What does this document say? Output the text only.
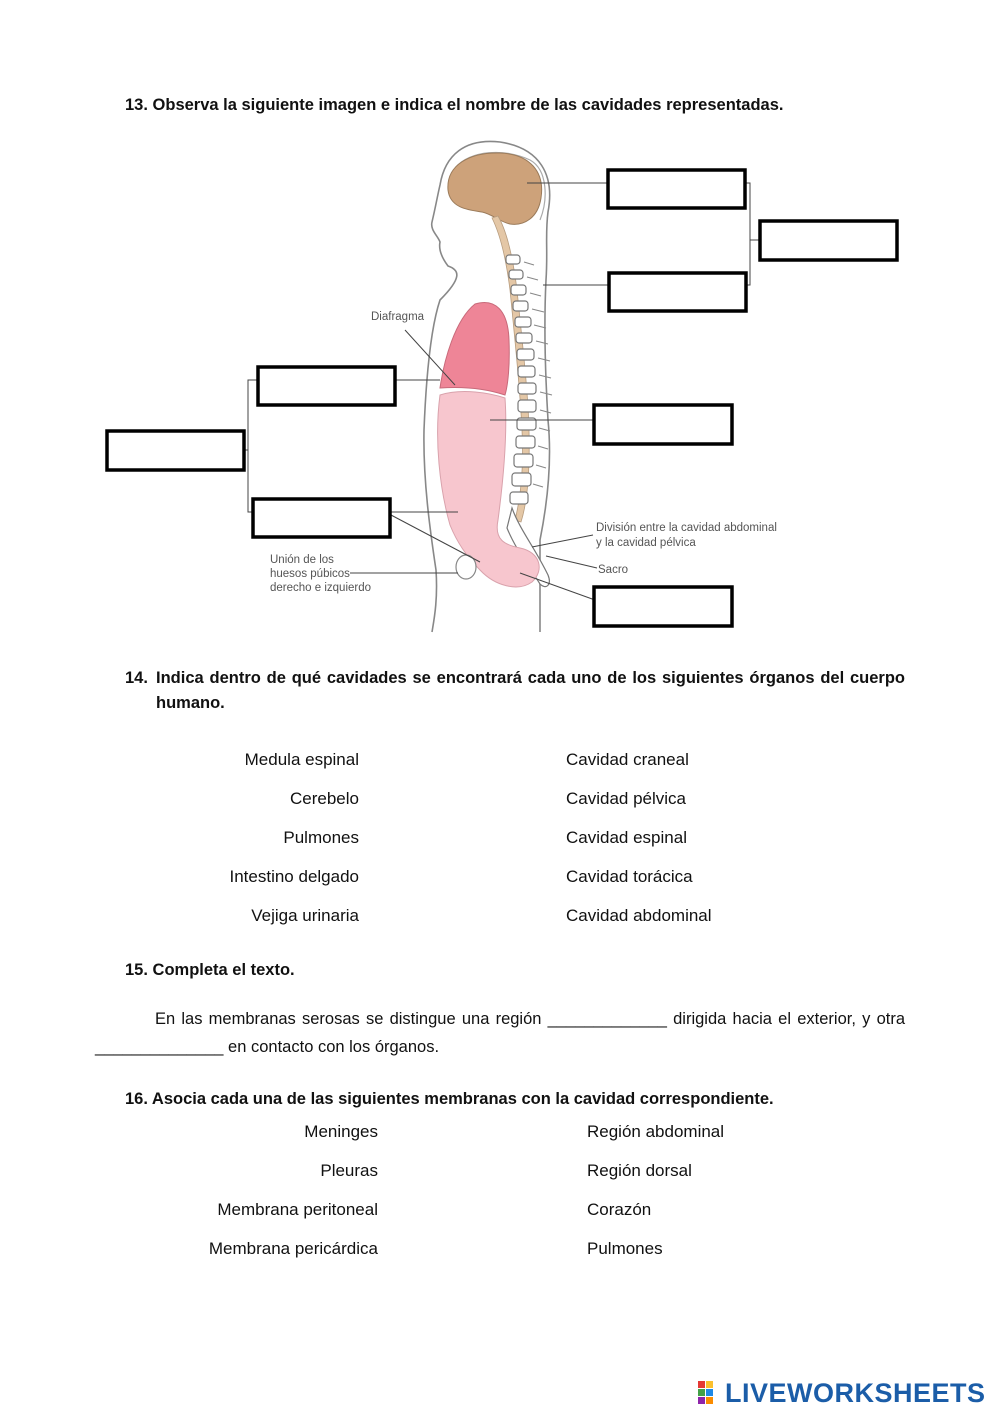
13. Observa la siguiente imagen e indica el nombre de las cavidades representadas.
Diafragma
División entre la cavidad abdominal
y la cavidad pélvica
Sacro
Unión de los
huesos púbicos
derecho e izquierdo
14. Indica dentro de qué cavidades se encontrará cada uno de los siguientes órganos del cuerpo humano.
Medula espinal
Cerebelo
Pulmones
Intestino delgado
Vejiga urinaria
Cavidad craneal
Cavidad pélvica
Cavidad espinal
Cavidad torácica
Cavidad abdominal
15. Completa el texto.
En las membranas serosas se distingue una región _____________ dirigida hacia el exterior, y otra ______________ en contacto con los órganos.
16. Asocia cada una de las siguientes membranas con la cavidad correspondiente.
Meninges
Pleuras
Membrana peritoneal
Membrana pericárdica
Región abdominal
Región dorsal
Corazón
Pulmones
LIVEWORKSHEETS
